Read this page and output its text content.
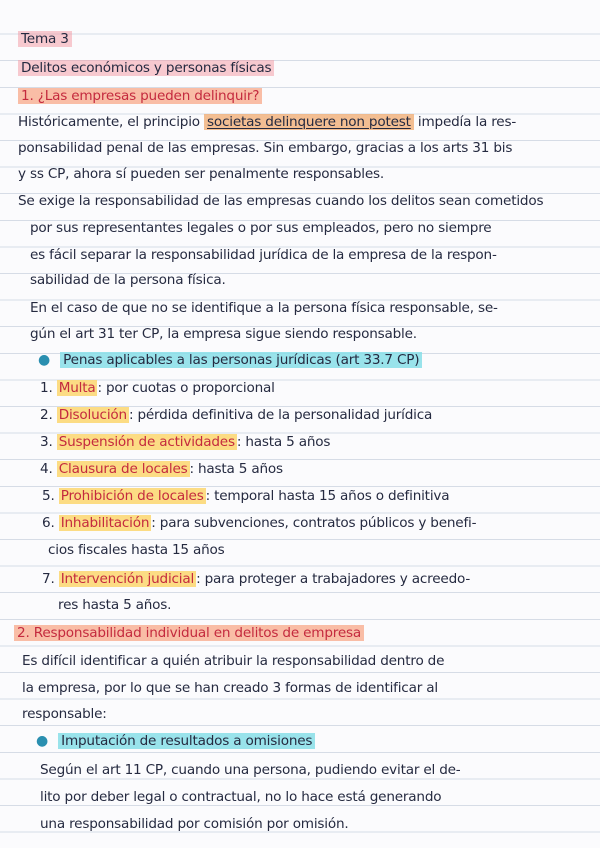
Tema 3
Delitos económicos y personas físicas
1. ¿Las empresas pueden delinquir?
Históricamente, el principio societas delinquere non potest impedía la res-
ponsabilidad penal de las empresas. Sin embargo, gracias a los arts 31 bis
y ss CP, ahora sí pueden ser penalmente responsables.
Se exige la responsabilidad de las empresas cuando los delitos sean cometidos
por sus representantes legales o por sus empleados, pero no siempre
es fácil separar la responsabilidad jurídica de la empresa de la respon-
sabilidad de la persona física.
En el caso de que no se identifique a la persona física responsable, se-
gún el art 31 ter CP, la empresa sigue siendo responsable.
● Penas aplicables a las personas jurídicas (art 33.7 CP)
1. Multa : por cuotas o proporcional
2. Disolución : pérdida definitiva de la personalidad jurídica
3. Suspensión de actividades : hasta 5 años
4. Clausura de locales : hasta 5 años
5. Prohibición de locales : temporal hasta 15 años o definitiva
6. Inhabilitación : para subvenciones, contratos públicos y benefi-
cios fiscales hasta 15 años
7. Intervención judicial : para proteger a trabajadores y acreedo-
res hasta 5 años.
2. Responsabilidad individual en delitos de empresa
Es difícil identificar a quién atribuir la responsabilidad dentro de
la empresa, por lo que se han creado 3 formas de identificar al
responsable:
● Imputación de resultados a omisiones
Según el art 11 CP, cuando una persona, pudiendo evitar el de-
lito por deber legal o contractual, no lo hace está generando
una responsabilidad por comisión por omisión.
